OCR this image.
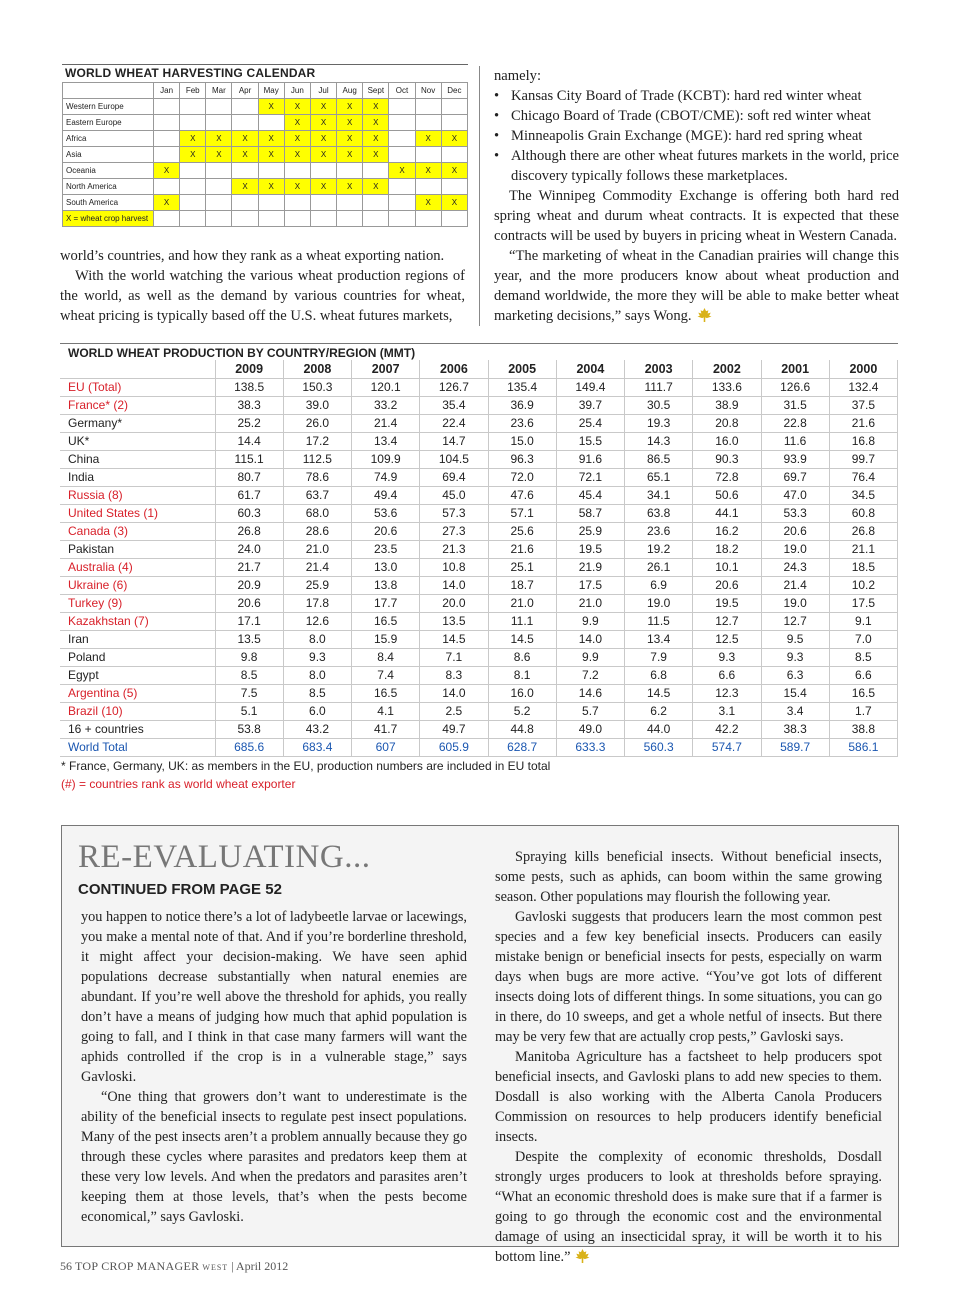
WORLD WHEAT HARVESTING CALENDAR
	Jan	Feb	Mar	Apr	May	Jun	Jul	Aug	Sept	Oct	Nov	Dec
Western Europe					X	X	X	X	X			
Eastern Europe						X	X	X	X			
Africa		X	X	X	X	X	X	X	X		X	X
Asia		X	X	X	X	X	X	X	X			
Oceania	X									X	X	X
North America				X	X	X	X	X	X			
South America	X										X	X
X = wheat crop harvest												

world’s countries, and how they rank as a wheat exporting nation.

With the world watching the various wheat production regions of the world, as well as the demand by various countries for wheat, wheat pricing is typically based off the U.S. wheat futures markets,

namely:

• Kansas City Board of Trade (KCBT): hard red winter wheat
• Chicago Board of Trade (CBOT/CME): soft red winter wheat
• Minneapolis Grain Exchange (MGE): hard red spring wheat
• Although there are other wheat futures markets in the world, price discovery typically follows these marketplaces.

The Winnipeg Commodity Exchange is offering both hard red spring wheat and durum wheat contracts. It is expected that these contracts will be used by buyers in pricing wheat in Western Canada.

“The marketing of wheat in the Canadian prairies will change this year, and the more producers know about wheat production and demand worldwide, the more they will be able to make better wheat marketing decisions,” says Wong.

WORLD WHEAT PRODUCTION BY COUNTRY/REGION (MMT)
	2009	2008	2007	2006	2005	2004	2003	2002	2001	2000
EU (Total)	138.5	150.3	120.1	126.7	135.4	149.4	111.7	133.6	126.6	132.4
France* (2)	38.3	39.0	33.2	35.4	36.9	39.7	30.5	38.9	31.5	37.5
Germany*	25.2	26.0	21.4	22.4	23.6	25.4	19.3	20.8	22.8	21.6
UK*	14.4	17.2	13.4	14.7	15.0	15.5	14.3	16.0	11.6	16.8
China	115.1	112.5	109.9	104.5	96.3	91.6	86.5	90.3	93.9	99.7
India	80.7	78.6	74.9	69.4	72.0	72.1	65.1	72.8	69.7	76.4
Russia (8)	61.7	63.7	49.4	45.0	47.6	45.4	34.1	50.6	47.0	34.5
United States (1)	60.3	68.0	53.6	57.3	57.1	58.7	63.8	44.1	53.3	60.8
Canada (3)	26.8	28.6	20.6	27.3	25.6	25.9	23.6	16.2	20.6	26.8
Pakistan	24.0	21.0	23.5	21.3	21.6	19.5	19.2	18.2	19.0	21.1
Australia (4)	21.7	21.4	13.0	10.8	25.1	21.9	26.1	10.1	24.3	18.5
Ukraine (6)	20.9	25.9	13.8	14.0	18.7	17.5	6.9	20.6	21.4	10.2
Turkey (9)	20.6	17.8	17.7	20.0	21.0	21.0	19.0	19.5	19.0	17.5
Kazakhstan (7)	17.1	12.6	16.5	13.5	11.1	9.9	11.5	12.7	12.7	9.1
Iran	13.5	8.0	15.9	14.5	14.5	14.0	13.4	12.5	9.5	7.0
Poland	9.8	9.3	8.4	7.1	8.6	9.9	7.9	9.3	9.3	8.5
Egypt	8.5	8.0	7.4	8.3	8.1	7.2	6.8	6.6	6.3	6.6
Argentina (5)	7.5	8.5	16.5	14.0	16.0	14.6	14.5	12.3	15.4	16.5
Brazil (10)	5.1	6.0	4.1	2.5	5.2	5.7	6.2	3.1	3.4	1.7
16 + countries	53.8	43.2	41.7	49.7	44.8	49.0	44.0	42.2	38.3	38.8
World Total	685.6	683.4	607	605.9	628.7	633.3	560.3	574.7	589.7	586.1
* France, Germany, UK: as members in the EU, production numbers are included in EU total
(#) = countries rank as world wheat exporter
RE-EVALUATING...
CONTINUED FROM PAGE 52

you happen to notice there’s a lot of ladybeetle larvae or lacewings, you make a mental note of that. And if you’re borderline threshold, it might affect your decision-making. We have seen aphid populations decrease substantially when natural enemies are abundant. If you’re well above the threshold for aphids, you really don’t have a means of judging how much that aphid population is going to fall, and I think in that case many farmers will want the aphids controlled if the crop is in a vulnerable stage,” says Gavloski.

“One thing that growers don’t want to underestimate is the ability of the beneficial insects to regulate pest insect populations. Many of the pest insects aren’t a problem annually because they go through these cycles where parasites and predators keep them at these very low levels. And when the predators and parasites aren’t keeping them at those levels, that’s when the pests become economical,” says Gavloski.

Spraying kills beneficial insects. Without beneficial insects, some pests, such as aphids, can boom within the same growing season. Other populations may flourish the following year.

Gavloski suggests that producers learn the most common pest species and a few key beneficial insects. Producers can easily mistake benign or beneficial insects for pests, especially on warm days when bugs are more active. “You’ve got lots of different insects doing lots of different things. In some situations, you can go in there, do 10 sweeps, and get a whole netful of insects. But there may be very few that are actually crop pests,” Gavloski says.

Manitoba Agriculture has a factsheet to help producers spot beneficial insects, and Gavloski plans to add new species to them. Dosdall is also working with the Alberta Canola Producers Commission on resources to help producers identify beneficial insects.

Despite the complexity of economic thresholds, Dosdall strongly urges producers to look at thresholds before spraying. “What an economic threshold does is make sure that if a farmer is going to go through the economic cost and the environmental damage of using an insecticidal spray, it will be worth it to his bottom line.”

56 TOP CROP MANAGER WEST | April 2012
